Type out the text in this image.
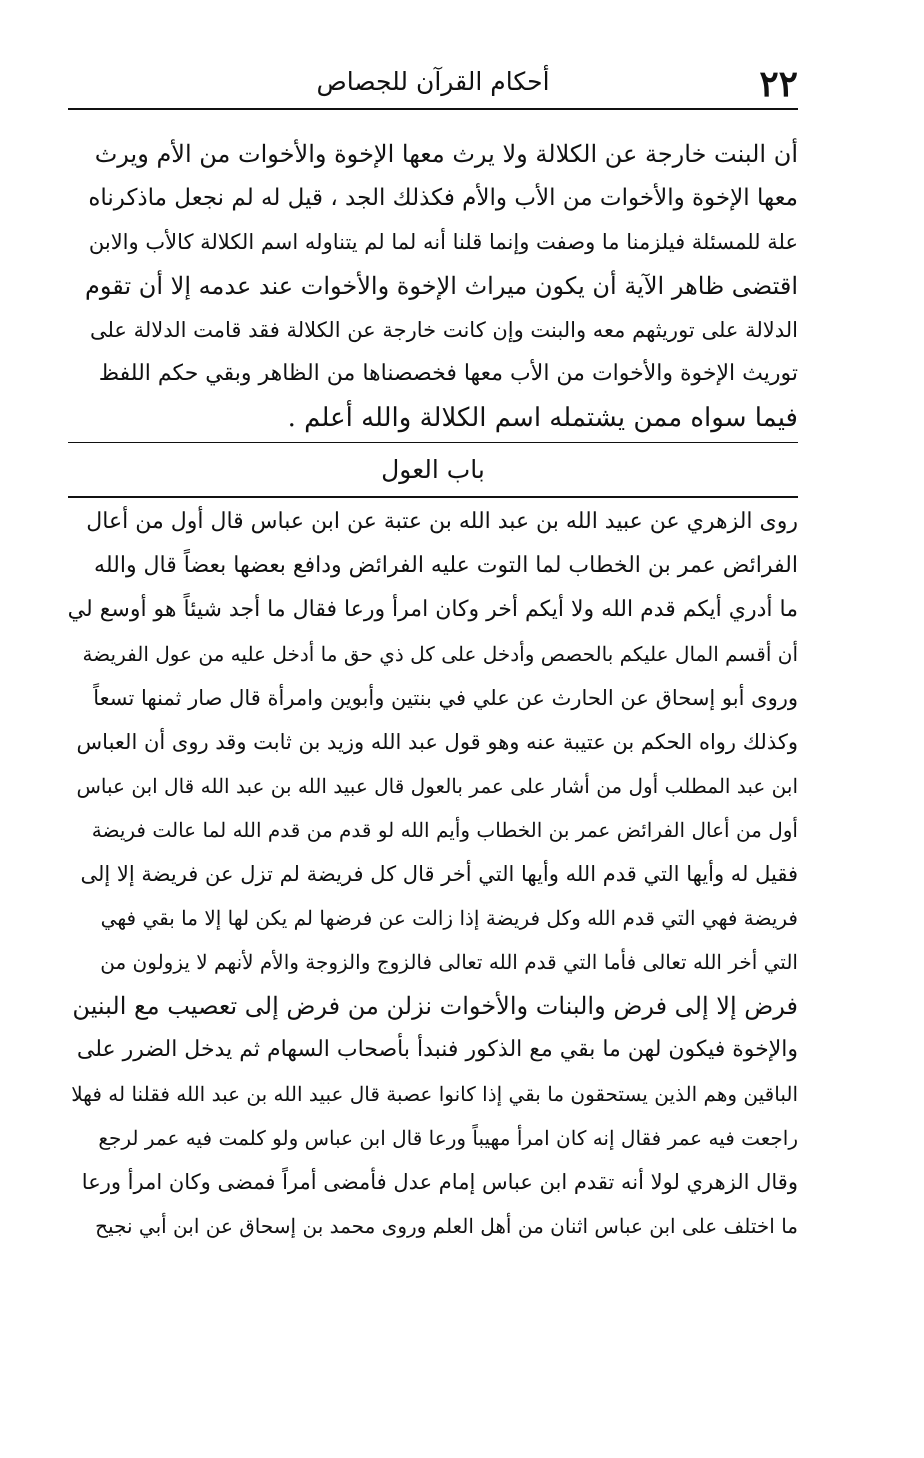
٢٢
أحكام القرآن للجصاص
أن البنت خارجة عن الكلالة ولا يرث معها الإخوة والأخوات من الأم ويرث
معها الإخوة والأخوات من الأب والأم فكذلك الجد ، قيل له لم نجعل ماذكرناه
علة للمسئلة فيلزمنا ما وصفت وإنما قلنا أنه لما لم يتناوله اسم الكلالة كالأب والابن
اقتضى ظاهر الآية أن يكون ميراث الإخوة والأخوات عند عدمه إلا أن تقوم
الدلالة على توريثهم معه والبنت وإن كانت خارجة عن الكلالة فقد قامت الدلالة على
توريث الإخوة والأخوات من الأب معها فخصصناها من الظاهر وبقي حكم اللفظ
فيما سواه ممن يشتمله اسم الكلالة والله أعلم .
باب العول
روى الزهري عن عبيد الله بن عبد الله بن عتبة عن ابن عباس قال أول من أعال
الفرائض عمر بن الخطاب لما التوت عليه الفرائض ودافع بعضها بعضاً قال والله
ما أدري أيكم قدم الله ولا أيكم أخر وكان امرأ ورعا فقال ما أجد شيئاً هو أوسع لي
أن أقسم المال عليكم بالحصص وأدخل على كل ذي حق ما أدخل عليه من عول الفريضة
وروى أبو إسحاق عن الحارث عن علي في بنتين وأبوين وامرأة قال صار ثمنها تسعاً
وكذلك رواه الحكم بن عتيبة عنه وهو قول عبد الله وزيد بن ثابت وقد روى أن العباس
ابن عبد المطلب أول من أشار على عمر بالعول قال عبيد الله بن عبد الله قال ابن عباس
أول من أعال الفرائض عمر بن الخطاب وأيم الله لو قدم من قدم الله لما عالت فريضة
فقيل له وأيها التي قدم الله وأيها التي أخر قال كل فريضة لم تزل عن فريضة إلا إلى
فريضة فهي التي قدم الله وكل فريضة إذا زالت عن فرضها لم يكن لها إلا ما بقي فهي
التي أخر الله تعالى فأما التي قدم الله تعالى فالزوج والزوجة والأم لأنهم لا يزولون من
فرض إلا إلى فرض والبنات والأخوات نزلن من فرض إلى تعصيب مع البنين
والإخوة فيكون لهن ما بقي مع الذكور فنبدأ بأصحاب السهام ثم يدخل الضرر على
الباقين وهم الذين يستحقون ما بقي إذا كانوا عصبة قال عبيد الله بن عبد الله فقلنا له فهلا
راجعت فيه عمر فقال إنه كان امرأ مهيباً ورعا قال ابن عباس ولو كلمت فيه عمر لرجع
وقال الزهري لولا أنه تقدم ابن عباس إمام عدل فأمضى أمراً فمضى وكان امرأ ورعا
ما اختلف على ابن عباس اثنان من أهل العلم وروى محمد بن إسحاق عن ابن أبي نجيح
